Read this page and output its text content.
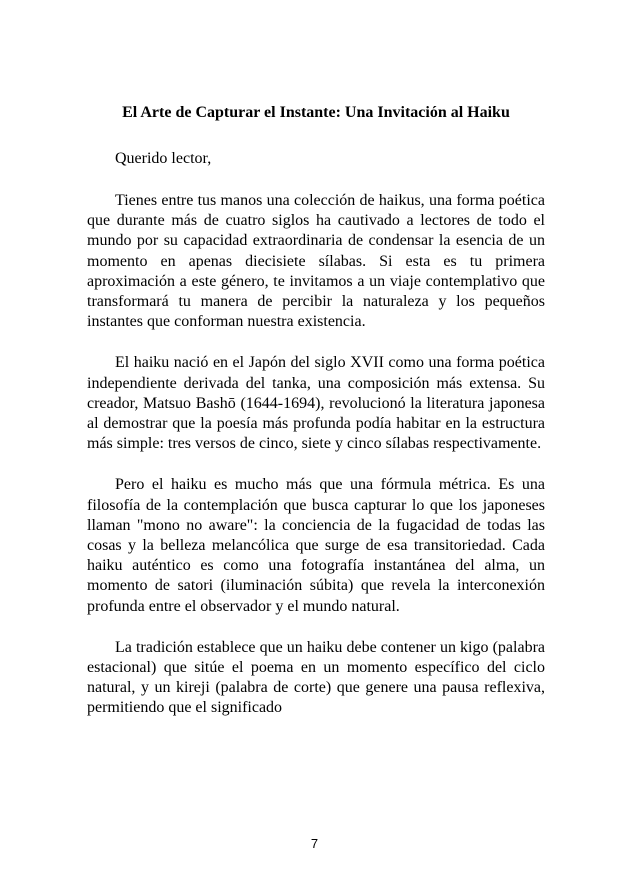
El Arte de Capturar el Instante: Una Invitación al Haiku
Querido lector,
Tienes entre tus manos una colección de haikus, una forma poética que durante más de cuatro siglos ha cautivado a lectores de todo el mundo por su capacidad extraordinaria de condensar la esencia de un momento en apenas diecisiete sílabas. Si esta es tu primera aproximación a este género, te invitamos a un viaje contemplativo que transformará tu manera de percibir la naturaleza y los pequeños instantes que conforman nuestra existencia.
El haiku nació en el Japón del siglo XVII como una forma poética independiente derivada del tanka, una composición más extensa. Su creador, Matsuo Bashō (1644-1694), revolucionó la literatura japonesa al demostrar que la poesía más profunda podía habitar en la estructura más simple: tres versos de cinco, siete y cinco sílabas respectivamente.
Pero el haiku es mucho más que una fórmula métrica. Es una filosofía de la contemplación que busca capturar lo que los japoneses llaman "mono no aware": la conciencia de la fugacidad de todas las cosas y la belleza melancólica que surge de esa transitoriedad. Cada haiku auténtico es como una fotografía instantánea del alma, un momento de satori (iluminación súbita) que revela la interconexión profunda entre el observador y el mundo natural.
La tradición establece que un haiku debe contener un kigo (palabra estacional) que sitúe el poema en un momento específico del ciclo natural, y un kireji (palabra de corte) que genere una pausa reflexiva, permitiendo que el significado
7
